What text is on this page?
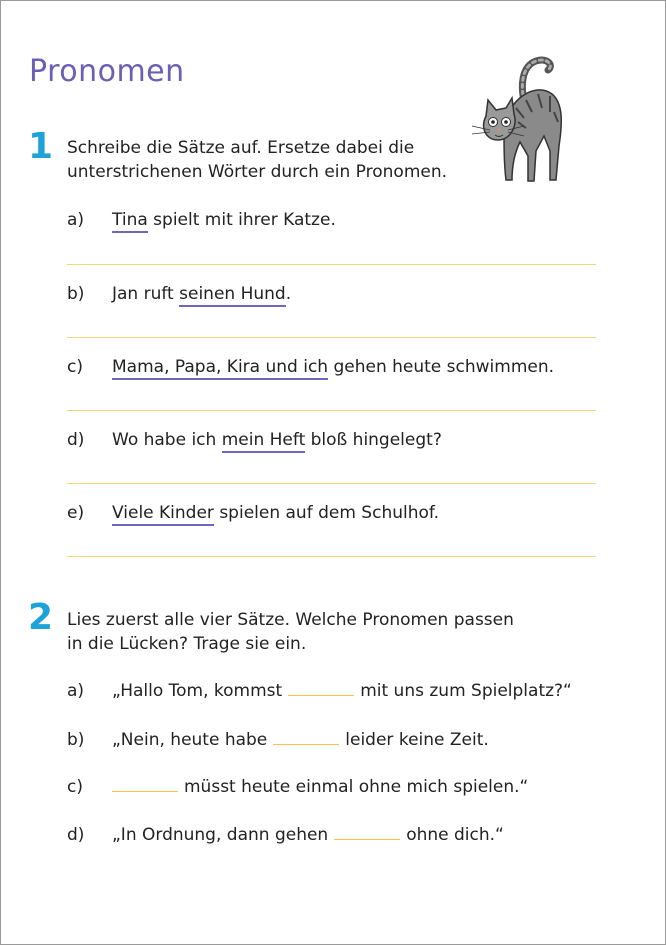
Pronomen
1 Schreibe die Sätze auf. Ersetze dabei die
unterstrichenen Wörter durch ein Pronomen.
a) Tina spielt mit ihrer Katze.
b) Jan ruft seinen Hund.
c) Mama, Papa, Kira und ich gehen heute schwimmen.
d) Wo habe ich mein Heft bloß hingelegt?
e) Viele Kinder spielen auf dem Schulhof.
2 Lies zuerst alle vier Sätze. Welche Pronomen passen
in die Lücken? Trage sie ein.
a) „Hallo Tom, kommst	mit uns zum Spielplatz?“
b) „Nein, heute habe	leider keine Zeit.
c)	müsst heute einmal ohne mich spielen.“
d) „In Ordnung, dann gehen	ohne dich.“
